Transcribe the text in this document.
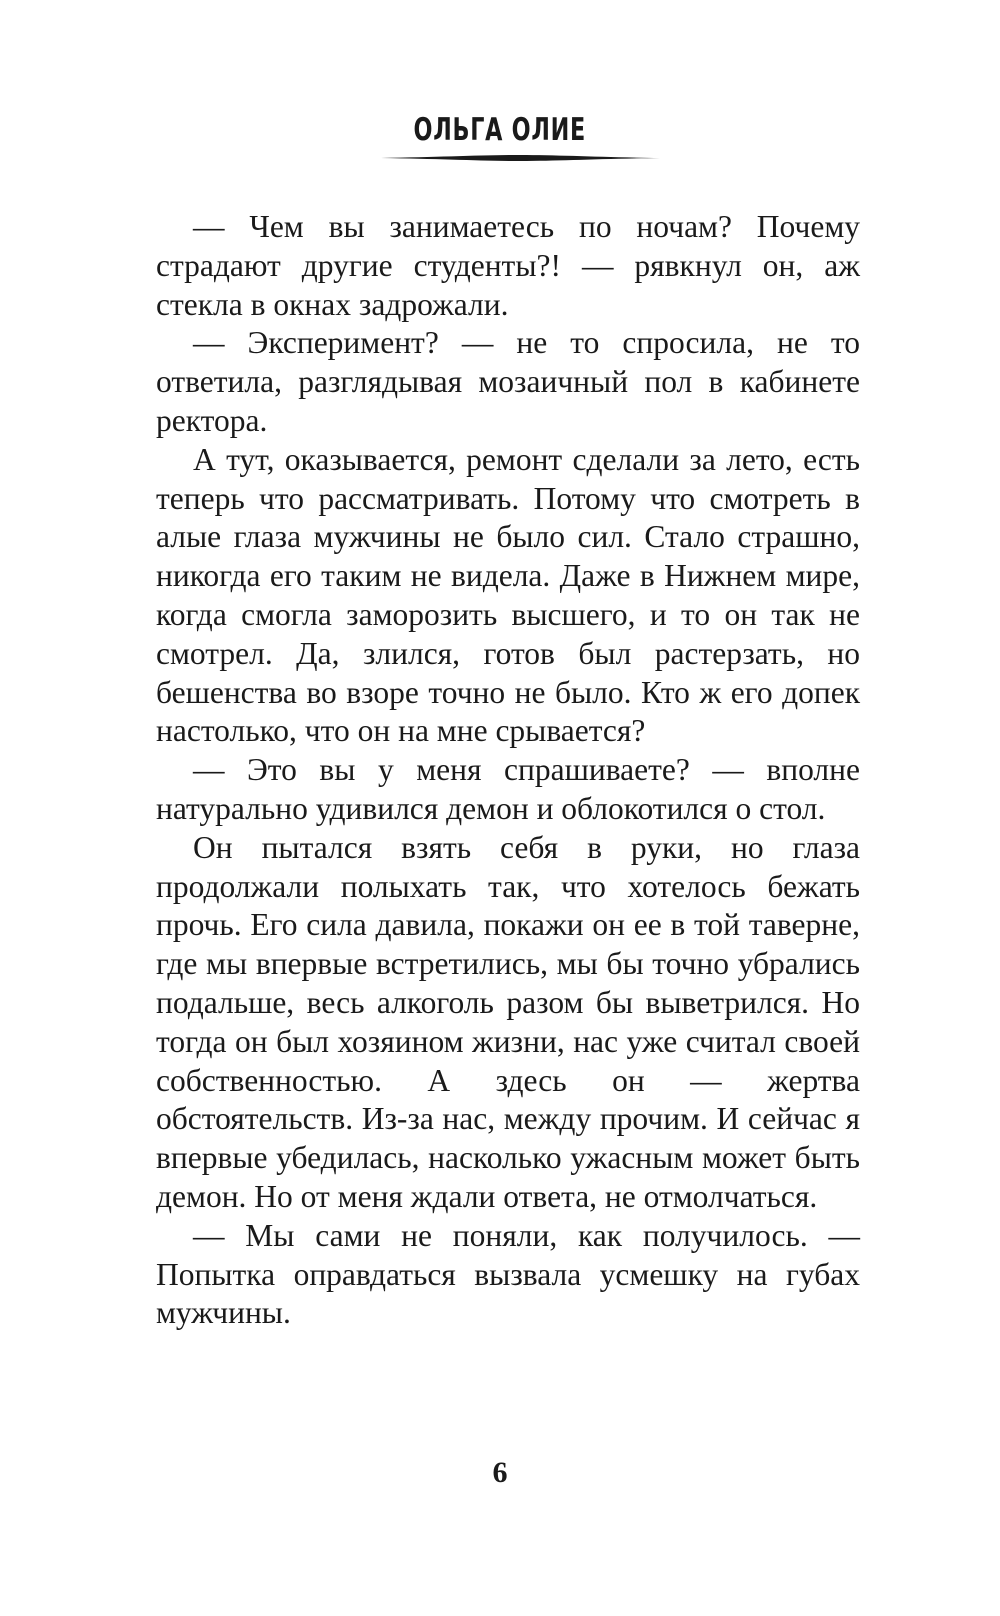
ОЛЬГА ОЛИЕ

— Чем вы занимаетесь по ночам? Почему страдают другие студенты?! — рявкнул он, аж стекла в окнах задрожали.

— Эксперимент? — не то спросила, не то ответила, разглядывая мозаичный пол в кабинете ректора.

А тут, оказывается, ремонт сделали за лето, есть теперь что рассматривать. Потому что смотреть в алые глаза мужчины не было сил. Стало страшно, никогда его таким не видела. Даже в Нижнем мире, когда смогла заморозить высшего, и то он так не смотрел. Да, злился, готов был растерзать, но бешенства во взоре точно не было. Кто ж его допек настолько, что он на мне срывается?

— Это вы у меня спрашиваете? — вполне натурально удивился демон и облокотился о стол.

Он пытался взять себя в руки, но глаза продолжали полыхать так, что хотелось бежать прочь. Его сила давила, покажи он ее в той таверне, где мы впервые встретились, мы бы точно убрались подальше, весь алкоголь разом бы выветрился. Но тогда он был хозяином жизни, нас уже считал своей собственностью. А здесь он — жертва обстоятельств. Из-за нас, между прочим. И сейчас я впервые убедилась, насколько ужасным может быть демон. Но от меня ждали ответа, не отмолчаться.

— Мы сами не поняли, как получилось. — Попытка оправдаться вызвала усмешку на губах мужчины.

6
